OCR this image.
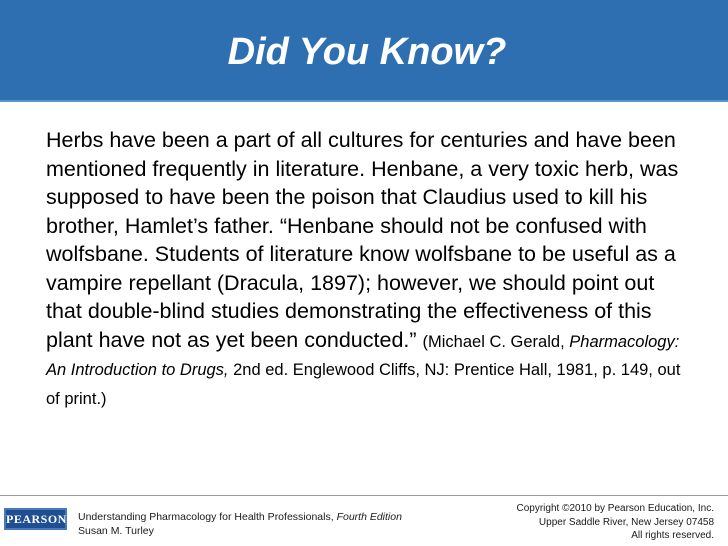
Did You Know?

Herbs have been a part of all cultures for centuries and have been mentioned frequently in literature. Henbane, a very toxic herb, was supposed to have been the poison that Claudius used to kill his brother, Hamlet’s father. “Henbane should not be confused with wolfsbane. Students of literature know wolfsbane to be useful as a vampire repellant (Dracula, 1897); however, we should point out that double-blind studies demonstrating the effectiveness of this plant have not as yet been conducted.” (Michael C. Gerald, Pharmacology: An Introduction to Drugs, 2nd ed. Englewood Cliffs, NJ: Prentice Hall, 1981, p. 149, out of print.)

PEARSON Understanding Pharmacology for Health Professionals, Fourth Edition
Susan M. Turley
Copyright ©2010 by Pearson Education, Inc.
Upper Saddle River, New Jersey 07458
All rights reserved.
